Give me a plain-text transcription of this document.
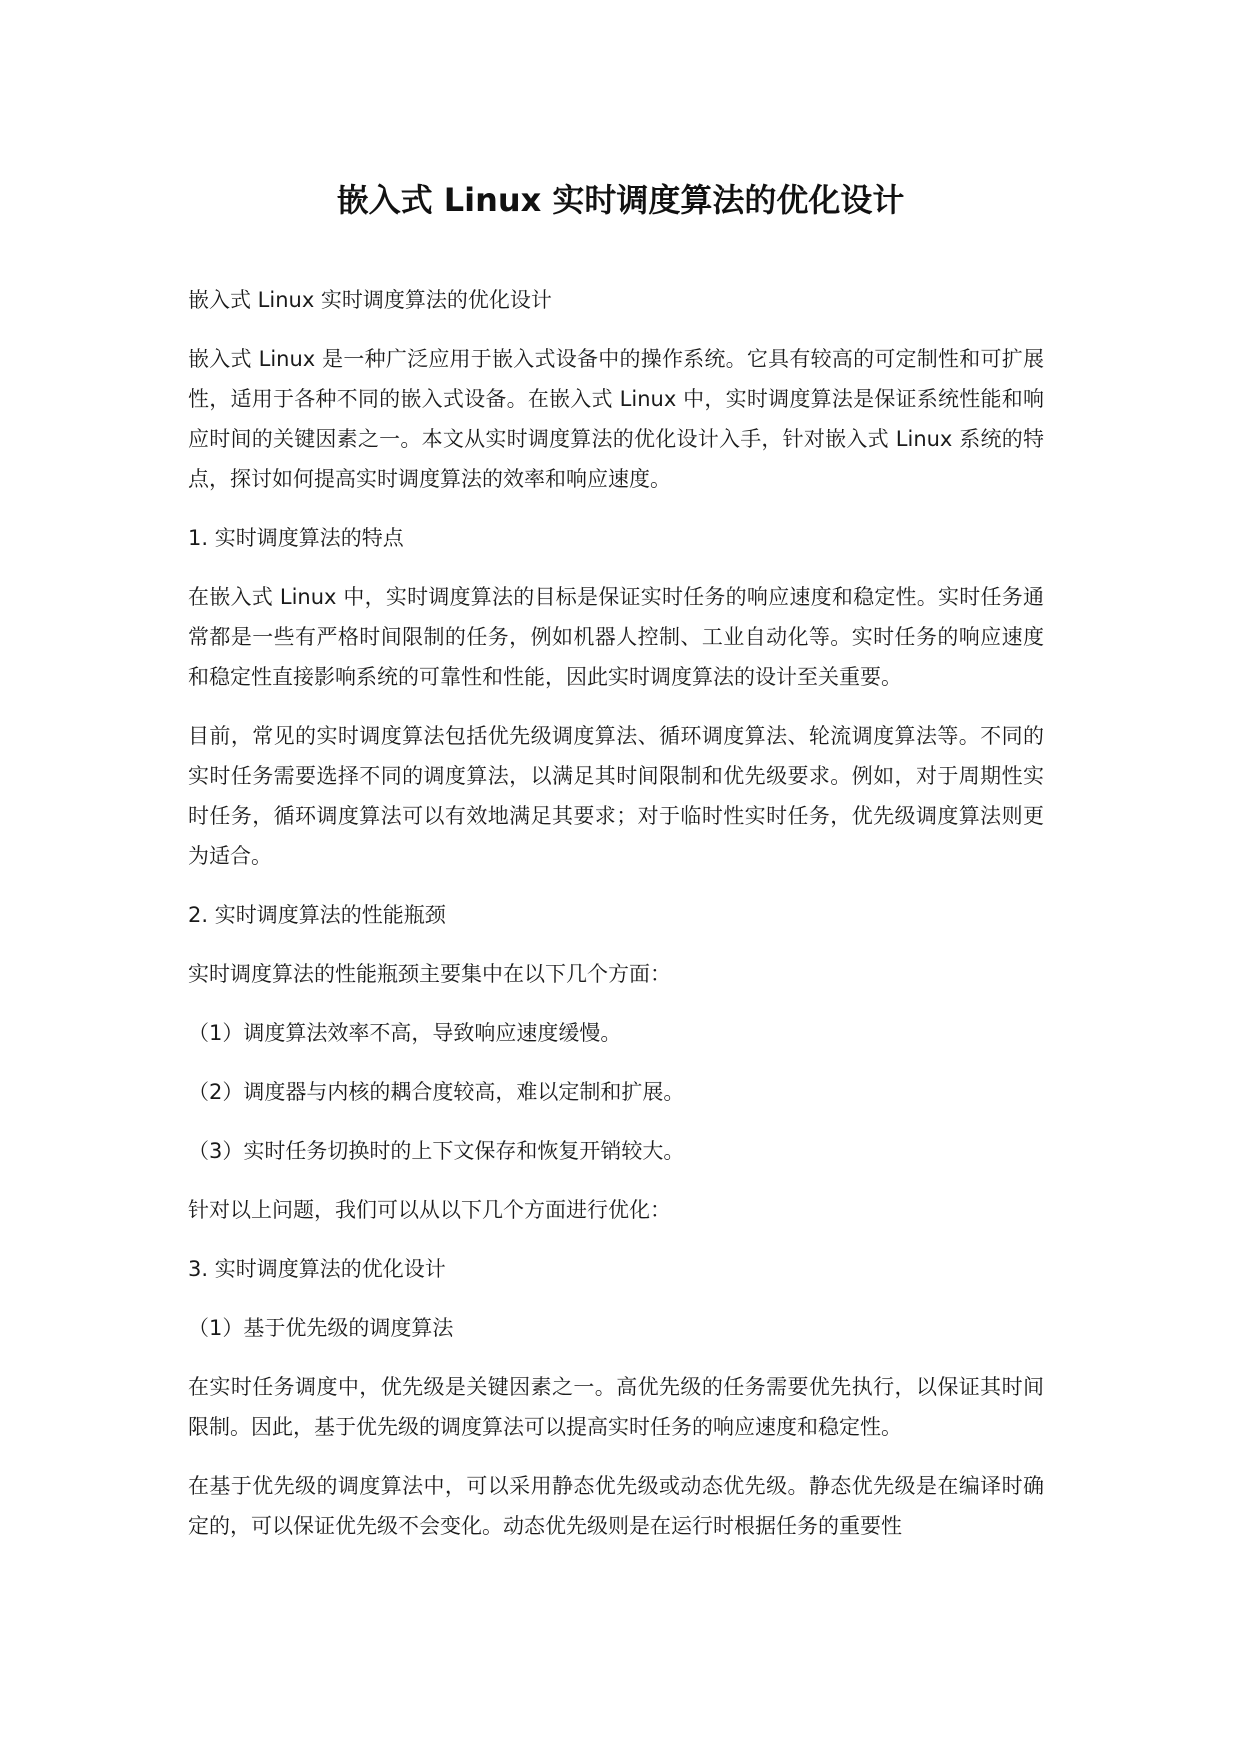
嵌入式 Linux 实时调度算法的优化设计

嵌入式 Linux 实时调度算法的优化设计

嵌入式 Linux 是一种广泛应用于嵌入式设备中的操作系统。它具有较高的可定制性和可扩展性，适用于各种不同的嵌入式设备。在嵌入式 Linux 中，实时调度算法是保证系统性能和响应时间的关键因素之一。本文从实时调度算法的优化设计入手，针对嵌入式 Linux 系统的特点，探讨如何提高实时调度算法的效率和响应速度。

1. 实时调度算法的特点

在嵌入式 Linux 中，实时调度算法的目标是保证实时任务的响应速度和稳定性。实时任务通常都是一些有严格时间限制的任务，例如机器人控制、工业自动化等。实时任务的响应速度和稳定性直接影响系统的可靠性和性能，因此实时调度算法的设计至关重要。

目前，常见的实时调度算法包括优先级调度算法、循环调度算法、轮流调度算法等。不同的实时任务需要选择不同的调度算法，以满足其时间限制和优先级要求。例如，对于周期性实时任务，循环调度算法可以有效地满足其要求；对于临时性实时任务，优先级调度算法则更为适合。

2. 实时调度算法的性能瓶颈

实时调度算法的性能瓶颈主要集中在以下几个方面：

（1）调度算法效率不高，导致响应速度缓慢。

（2）调度器与内核的耦合度较高，难以定制和扩展。

（3）实时任务切换时的上下文保存和恢复开销较大。

针对以上问题，我们可以从以下几个方面进行优化：

3. 实时调度算法的优化设计

（1）基于优先级的调度算法

在实时任务调度中，优先级是关键因素之一。高优先级的任务需要优先执行，以保证其时间限制。因此，基于优先级的调度算法可以提高实时任务的响应速度和稳定性。

在基于优先级的调度算法中，可以采用静态优先级或动态优先级。静态优先级是在编译时确定的，可以保证优先级不会变化。动态优先级则是在运行时根据任务的重要性
